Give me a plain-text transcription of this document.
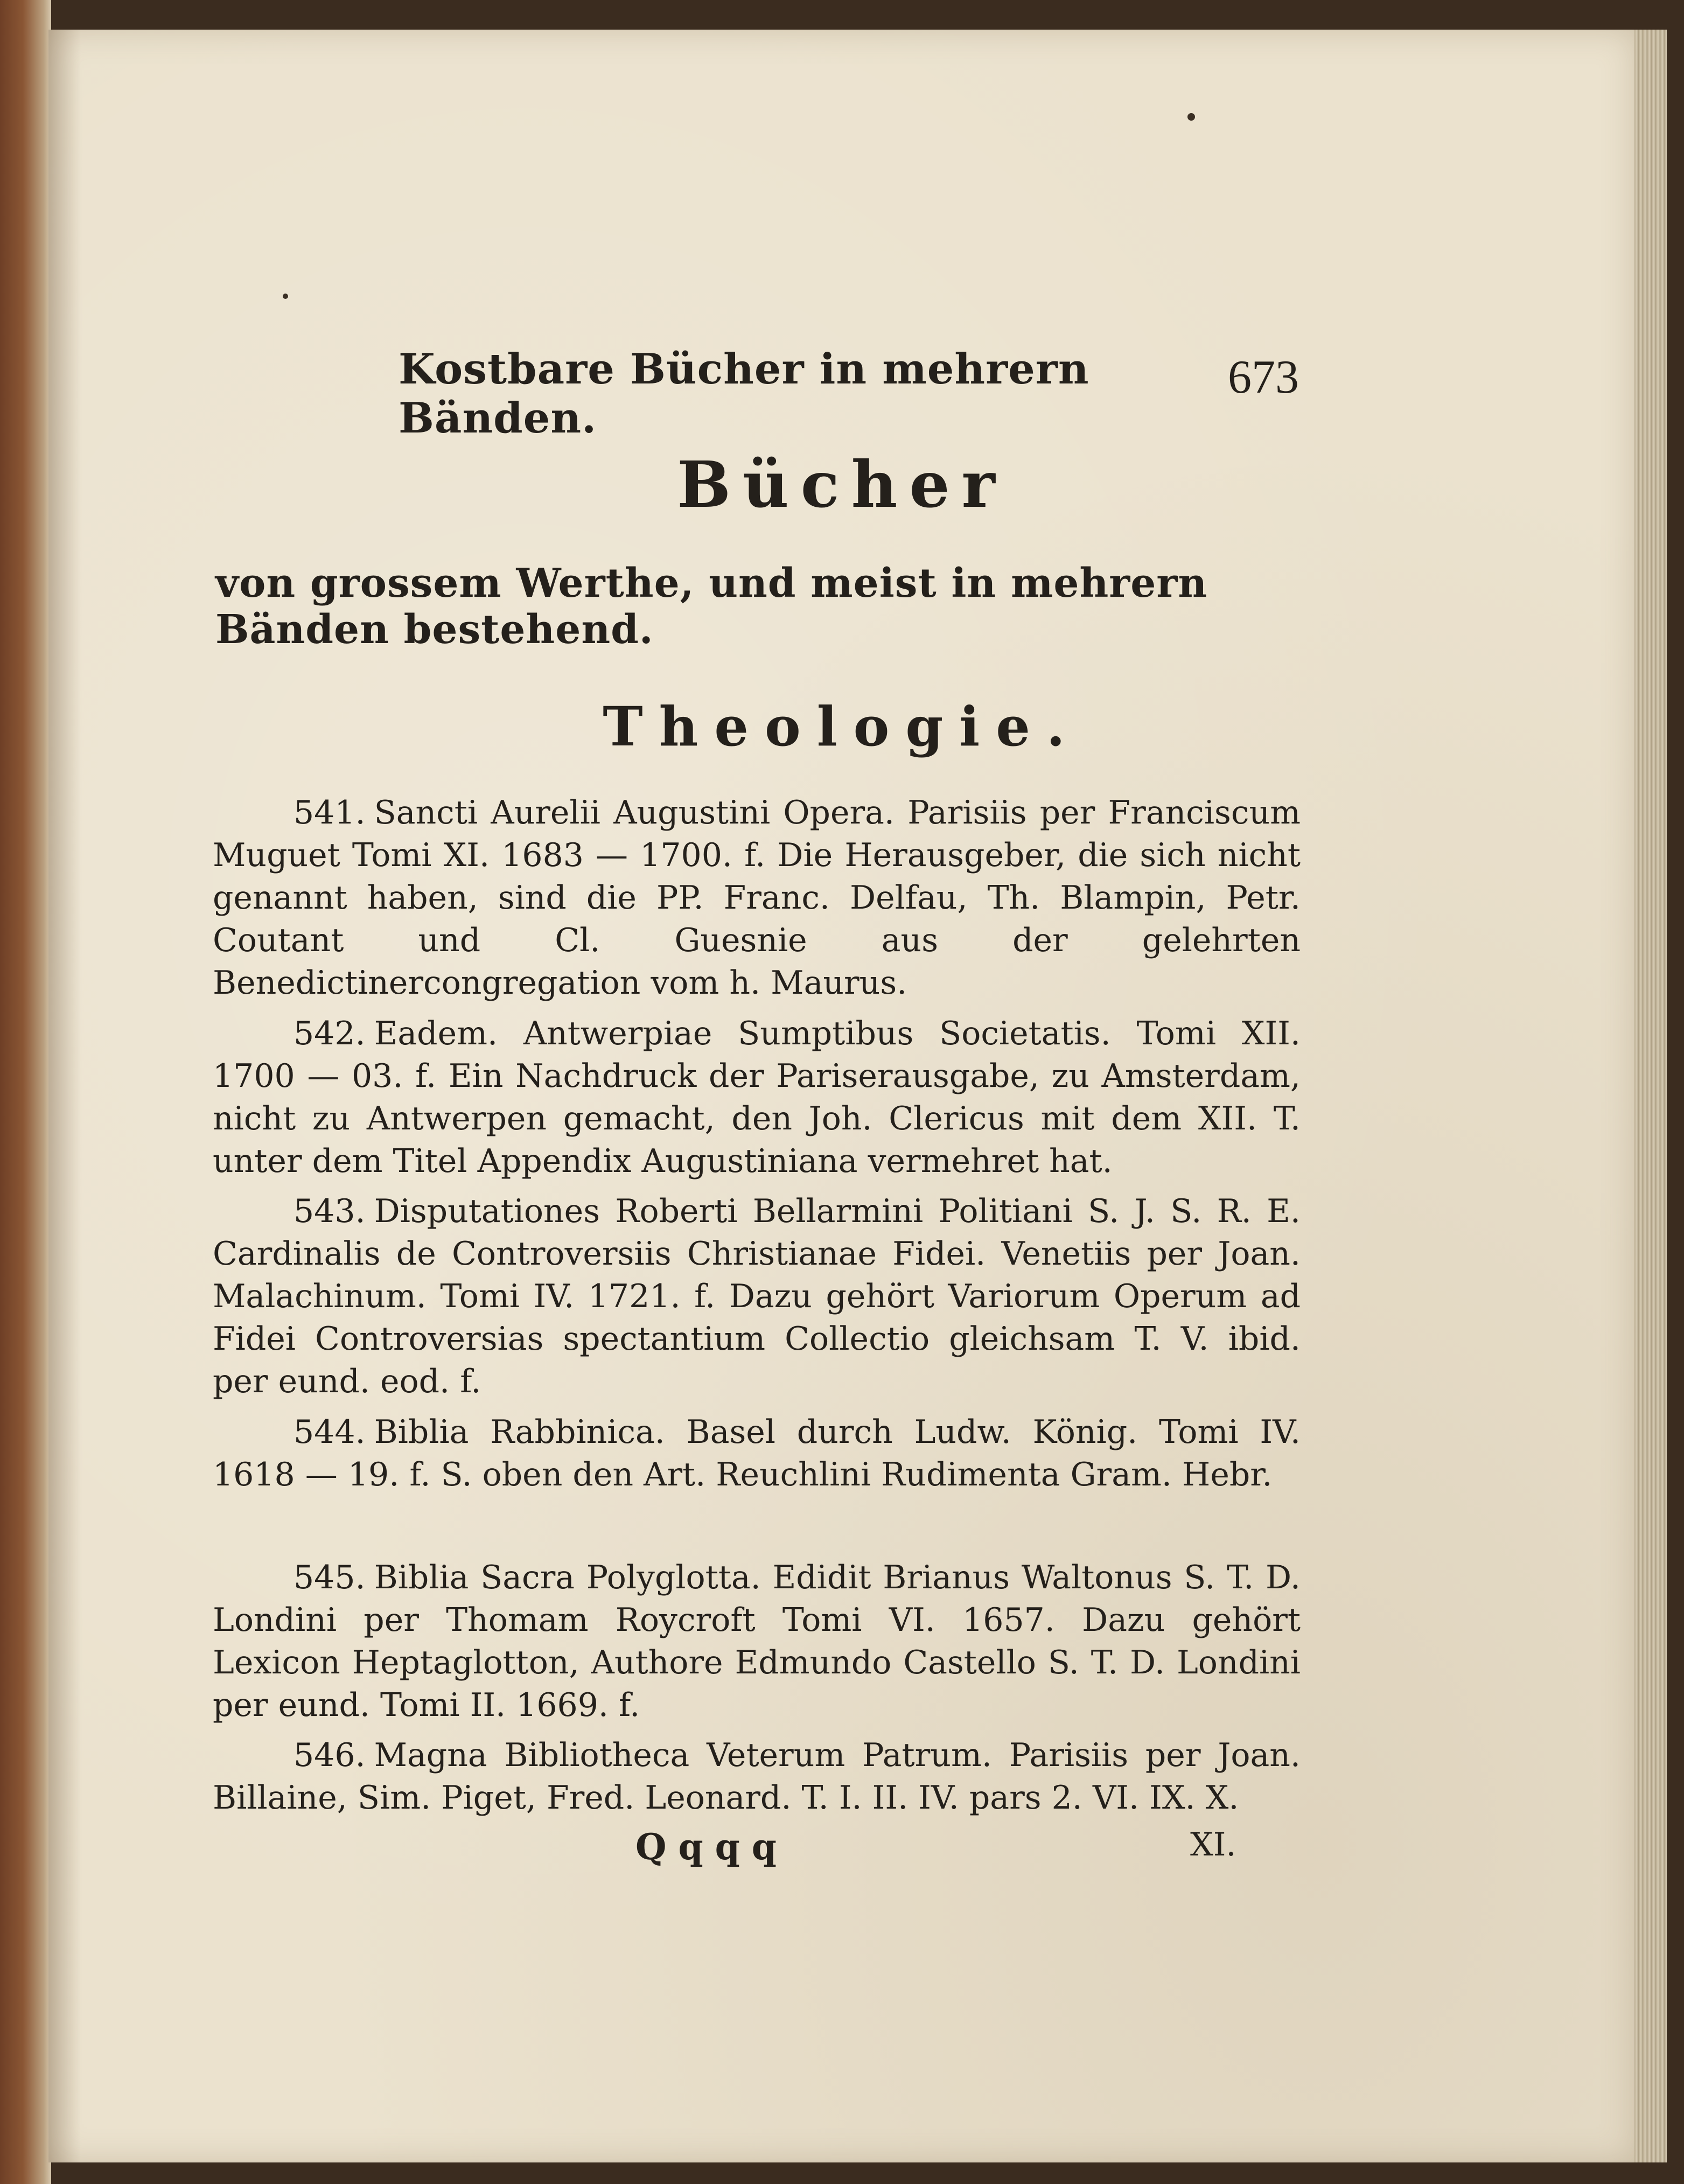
Kostbare Bücher in mehrern Bänden.
673
Bücher
von grossem Werthe, und meist in mehrern Bänden bestehend.
Theologie.

541. Sancti Aurelii Augustini Opera. Parisiis per Franciscum Muguet Tomi XI. 1683 — 1700. f. Die Herausgeber, die sich nicht genannt haben, sind die PP. Franc. Delfau, Th. Blampin, Petr. Coutant und Cl. Guesnie aus der gelehrten Benedictinercongregation vom h. Maurus.

542. Eadem. Antwerpiae Sumptibus Societatis. Tomi XII. 1700 — 03. f. Ein Nachdruck der Pariserausgabe, zu Amsterdam, nicht zu Antwerpen gemacht, den Joh. Clericus mit dem XII. T. unter dem Titel Appendix Augustiniana vermehret hat.

543. Disputationes Roberti Bellarmini Politiani S. J. S. R. E. Cardinalis de Controversiis Christianae Fidei. Venetiis per Joan. Malachinum. Tomi IV. 1721. f. Dazu gehört Variorum Operum ad Fidei Controversias spectantium Collectio gleichsam T. V. ibid. per eund. eod. f.

544. Biblia Rabbinica. Basel durch Ludw. König. Tomi IV. 1618 — 19. f. S. oben den Art. Reuchlini Rudimenta Gram. Hebr.

545. Biblia Sacra Polyglotta. Edidit Brianus Waltonus S. T. D. Londini per Thomam Roycroft Tomi VI. 1657. Dazu gehört Lexicon Heptaglotton, Authore Edmundo Castello S. T. D. Londini per eund. Tomi II. 1669. f.

546. Magna Bibliotheca Veterum Patrum. Parisiis per Joan. Billaine, Sim. Piget, Fred. Leonard. T. I. II. IV. pars 2. VI. IX. X.

Qqqq	XI.
